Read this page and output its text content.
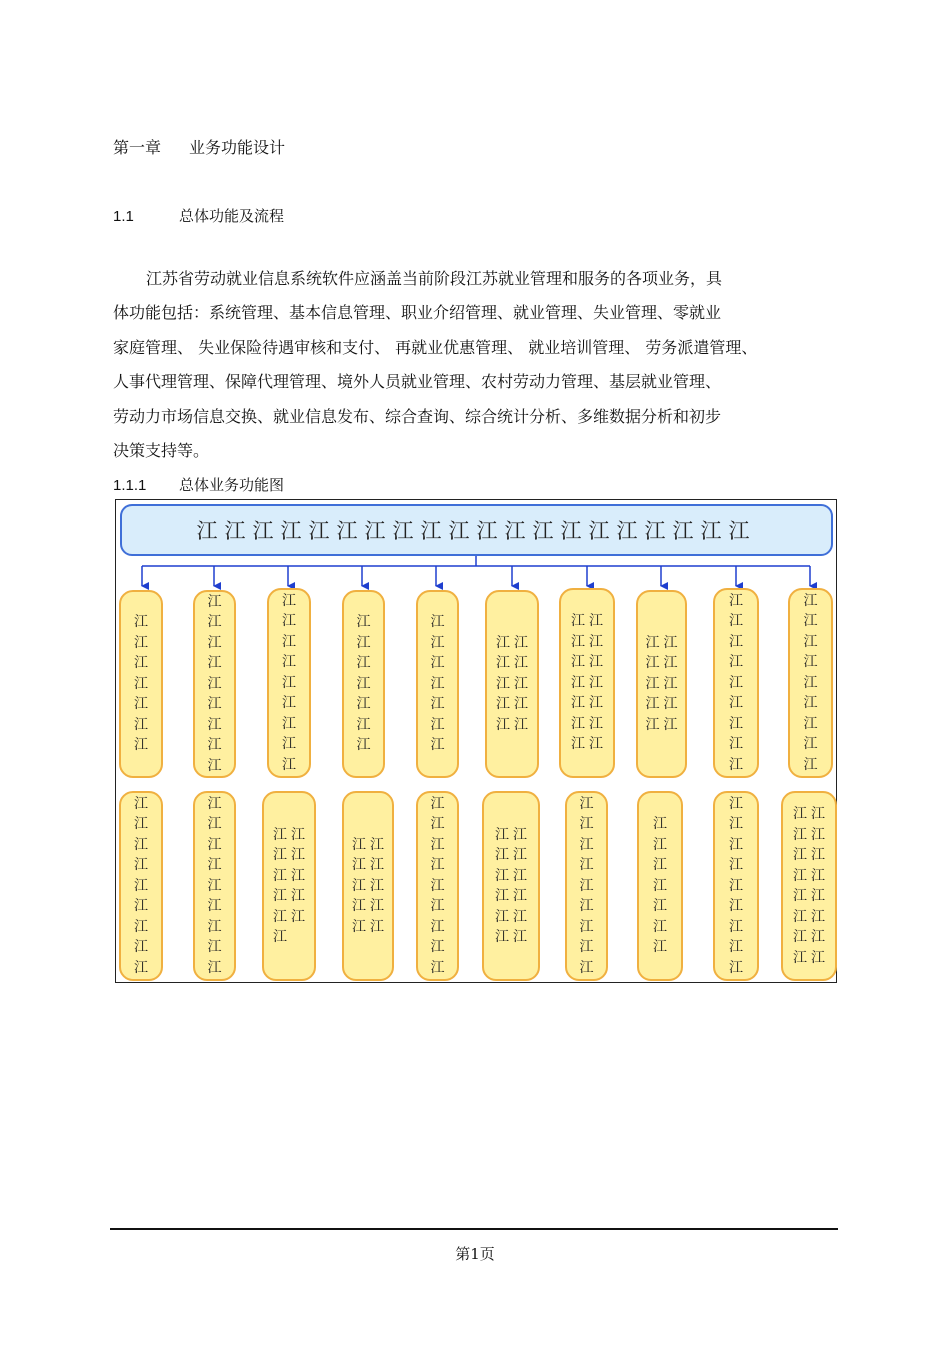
第一章 业务功能设计
1.1	总体功能及流程
江苏省劳动就业信息系统软件应涵盖当前阶段江苏就业管理和服务的各项业务，具
体功能包括：系统管理、基本信息管理、职业介绍管理、就业管理、失业管理、零就业
家庭管理、 失业保险待遇审核和支付、 再就业优惠管理、 就业培训管理、 劳务派遣管理、
人事代理管理、保障代理管理、境外人员就业管理、农村劳动力管理、基层就业管理、
劳动力市场信息交换、就业信息发布、综合查询、综合统计分析、多维数据分析和初步
决策支持等。
1.1.1 总体业务功能图
江江江江江江江江江江江江江江江江江江江江
江
江
江
江
江
江
江
江
江
江
江
江
江
江
江
江
江
江
江
江
江
江
江
江
江
江
江
江
江
江
江
江
江
江
江
江
江
江
江
江
江
江
江
江
江
江
江
江
江
江
江
江
江
江
江
江
江
江
江
江
江
江
江
江
江
江
江
江
江
江
江
江
江
江
江
江
江
江
江
江
江
江
江
江
江
江
江
江
江
江
江
江
江
江
江
江
江
江
江
江
江
江
江
江
江
江
江
江
江
江
江
江
江
江
江
江
江
江
江
江
江
江
江
江
江
江
江
江
江
江
江
江
江
江
江
江
江
江
江
江
江
江
江
江
江
江
江
江
江
江
江
江
江
江
江
江
江
江
江
江
江
江
江
江
江
江
江
江
江
江
江
江
江
江
江
江
江
江
江
江
江
江
江
江
江
江
江
江
江
江
江
江
第1页
